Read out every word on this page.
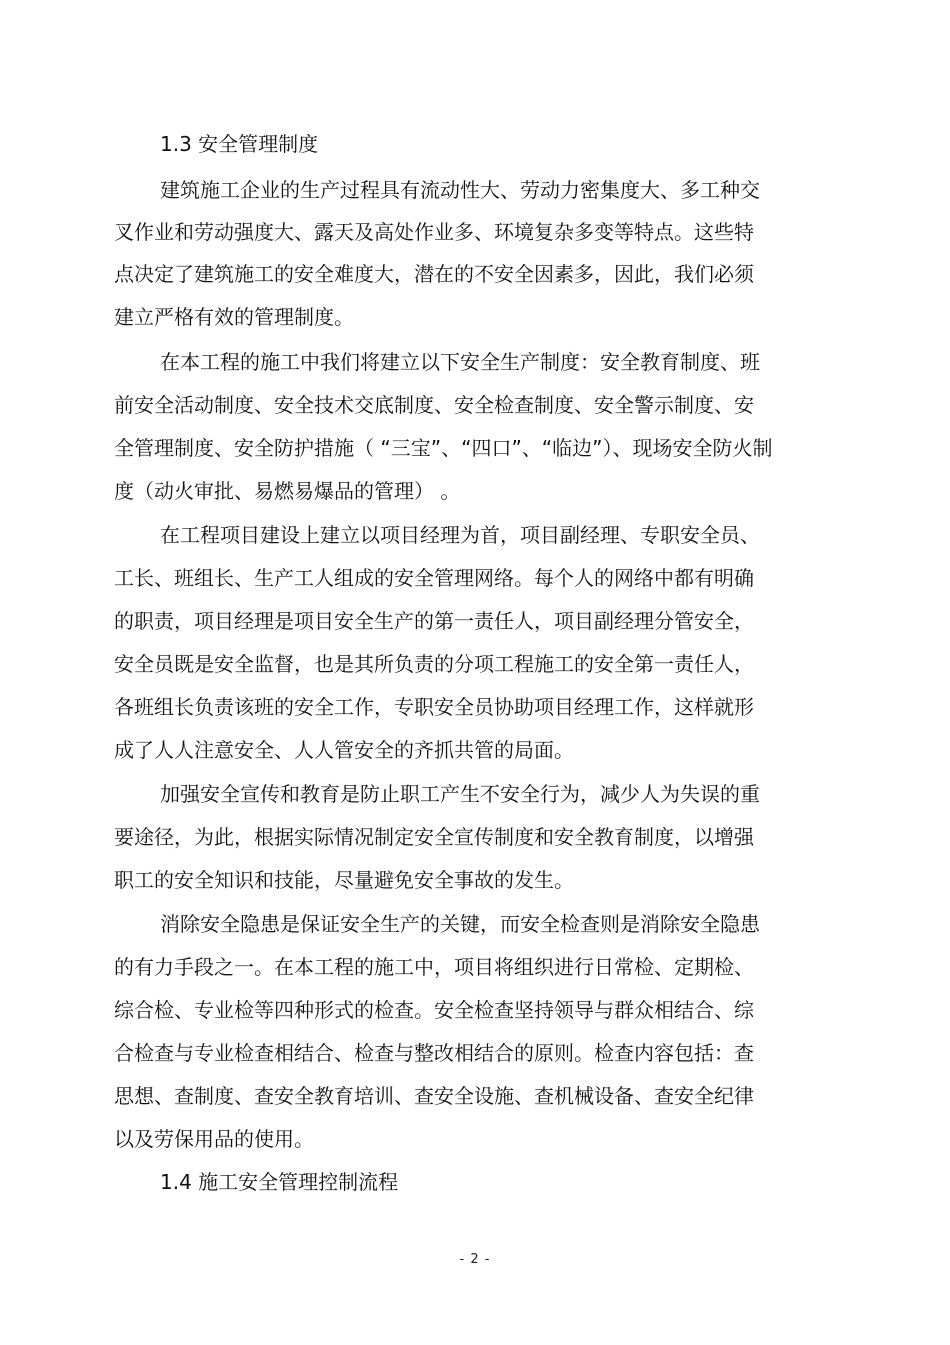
1.3 安全管理制度
建筑施工企业的生产过程具有流动性大、劳动力密集度大、多工种交
叉作业和劳动强度大、露天及高处作业多、环境复杂多变等特点。这些特
点决定了建筑施工的安全难度大，潜在的不安全因素多，因此，我们必须
建立严格有效的管理制度。
在本工程的施工中我们将建立以下安全生产制度：安全教育制度、班
前安全活动制度、安全技术交底制度、安全检查制度、安全警示制度、安
全管理制度、安全防护措施（ “三宝”、“四口”、“临边”）、现场安全防火制
度（动火审批、易燃易爆品的管理） 。
在工程项目建设上建立以项目经理为首，项目副经理、专职安全员、
工长、班组长、生产工人组成的安全管理网络。每个人的网络中都有明确
的职责，项目经理是项目安全生产的第一责任人，项目副经理分管安全，
安全员既是安全监督，也是其所负责的分项工程施工的安全第一责任人，
各班组长负责该班的安全工作，专职安全员协助项目经理工作，这样就形
成了人人注意安全、人人管安全的齐抓共管的局面。
加强安全宣传和教育是防止职工产生不安全行为，减少人为失误的重
要途径，为此，根据实际情况制定安全宣传制度和安全教育制度，以增强
职工的安全知识和技能，尽量避免安全事故的发生。
消除安全隐患是保证安全生产的关键，而安全检查则是消除安全隐患
的有力手段之一。在本工程的施工中，项目将组织进行日常检、定期检、
综合检、专业检等四种形式的检查。安全检查坚持领导与群众相结合、综
合检查与专业检查相结合、检查与整改相结合的原则。检查内容包括：查
思想、查制度、查安全教育培训、查安全设施、查机械设备、查安全纪律
以及劳保用品的使用。
1.4 施工安全管理控制流程
- 2 -
